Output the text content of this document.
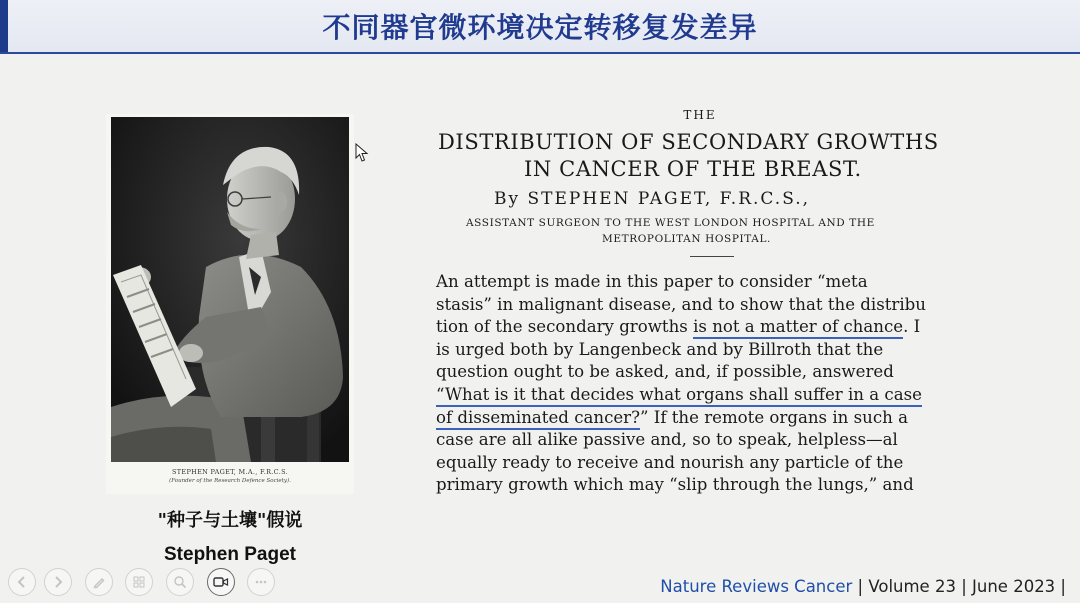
不同器官微环境决定转移复发差异
STEPHEN PAGET, M.A., F.R.C.S.
(Founder of the Research Defence Society).
"种子与土壤"假说
Stephen Paget
THE
DISTRIBUTION OF SECONDARY GROWTHS
IN CANCER OF THE BREAST.
By STEPHEN PAGET, F.R.C.S.,
ASSISTANT SURGEON TO THE WEST LONDON HOSPITAL AND THE
METROPOLITAN HOSPITAL.
An attempt is made in this paper to consider “meta
stasis” in malignant disease, and to show that the distribu
tion of the secondary growths is not a matter of chance. I
is urged both by Langenbeck and by Billroth that the
question ought to be asked, and, if possible, answered
“What is it that decides what organs shall suffer in a case
of disseminated cancer?” If the remote organs in such a
case are all alike passive and, so to speak, helpless—al
equally ready to receive and nourish any particle of the
primary growth which may “slip through the lungs,” and
Nature Reviews Cancer | Volume 23 | June 2023 |
